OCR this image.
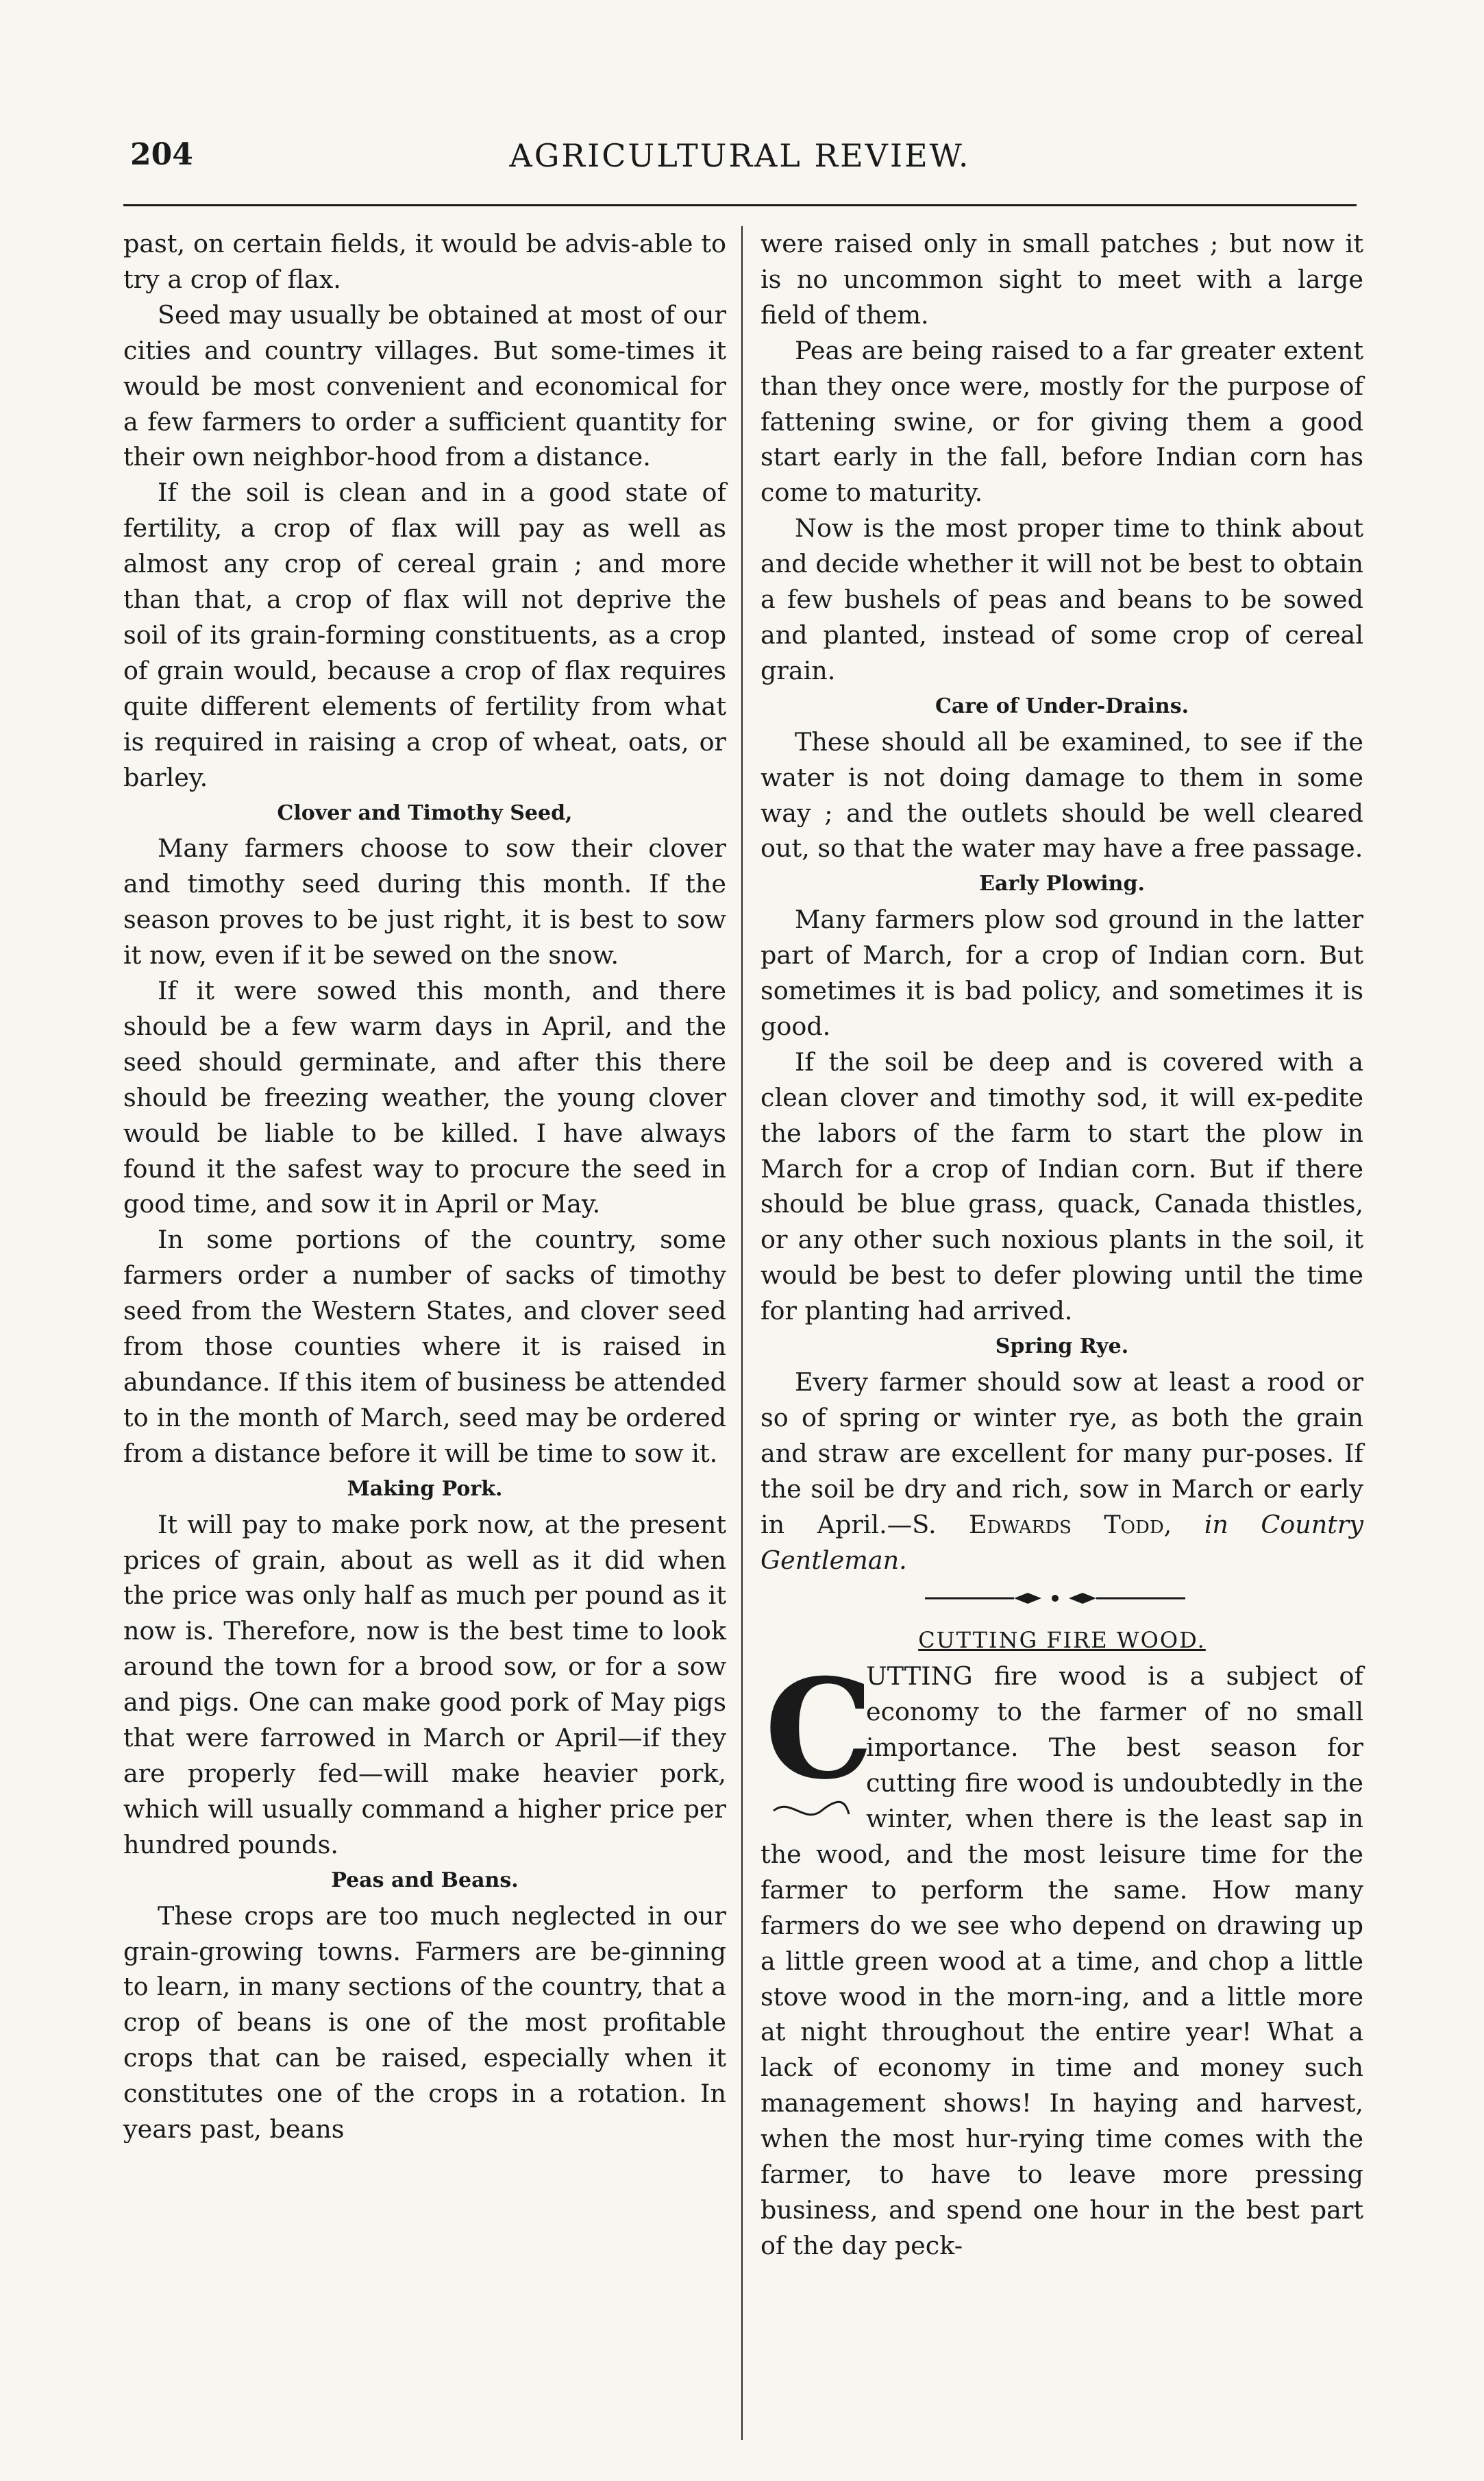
204	AGRICULTURAL REVIEW.

past, on certain fields, it would be advis-able to try a crop of flax.

Seed may usually be obtained at most of our cities and country villages. But some-times it would be most convenient and economical for a few farmers to order a sufficient quantity for their own neighbor-hood from a distance.

If the soil is clean and in a good state of fertility, a crop of flax will pay as well as almost any crop of cereal grain ; and more than that, a crop of flax will not deprive the soil of its grain-forming constituents, as a crop of grain would, because a crop of flax requires quite different elements of fertility from what is required in raising a crop of wheat, oats, or barley.

Clover and Timothy Seed,

Many farmers choose to sow their clover and timothy seed during this month. If the season proves to be just right, it is best to sow it now, even if it be sewed on the snow.

If it were sowed this month, and there should be a few warm days in April, and the seed should germinate, and after this there should be freezing weather, the young clover would be liable to be killed. I have always found it the safest way to procure the seed in good time, and sow it in April or May.

In some portions of the country, some farmers order a number of sacks of timothy seed from the Western States, and clover seed from those counties where it is raised in abundance. If this item of business be attended to in the month of March, seed may be ordered from a distance before it will be time to sow it.

Making Pork.

It will pay to make pork now, at the present prices of grain, about as well as it did when the price was only half as much per pound as it now is. Therefore, now is the best time to look around the town for a brood sow, or for a sow and pigs. One can make good pork of May pigs that were farrowed in March or April—if they are properly fed—will make heavier pork, which will usually command a higher price per hundred pounds.

Peas and Beans.

These crops are too much neglected in our grain-growing towns. Farmers are be-ginning to learn, in many sections of the country, that a crop of beans is one of the most profitable crops that can be raised, especially when it constitutes one of the crops in a rotation. In years past, beans

were raised only in small patches ; but now it is no uncommon sight to meet with a large field of them.

Peas are being raised to a far greater extent than they once were, mostly for the purpose of fattening swine, or for giving them a good start early in the fall, before Indian corn has come to maturity.

Now is the most proper time to think about and decide whether it will not be best to obtain a few bushels of peas and beans to be sowed and planted, instead of some crop of cereal grain.

Care of Under-Drains.

These should all be examined, to see if the water is not doing damage to them in some way ; and the outlets should be well cleared out, so that the water may have a free passage.

Early Plowing.

Many farmers plow sod ground in the latter part of March, for a crop of Indian corn. But sometimes it is bad policy, and sometimes it is good.

If the soil be deep and is covered with a clean clover and timothy sod, it will ex-pedite the labors of the farm to start the plow in March for a crop of Indian corn. But if there should be blue grass, quack, Canada thistles, or any other such noxious plants in the soil, it would be best to defer plowing until the time for planting had arrived.

Spring Rye.

Every farmer should sow at least a rood or so of spring or winter rye, as both the grain and straw are excellent for many pur-poses. If the soil be dry and rich, sow in March or early in April.—S. Edwards Todd, in Country Gentleman.

CUTTING FIRE WOOD.
C

UTTING fire wood is a subject of economy to the farmer of no small importance. The best season for cutting fire wood is undoubtedly in the winter, when there is the least sap in the wood, and the most leisure time for the farmer to perform the same. How many farmers do we see who depend on drawing up a little green wood at a time, and chop a little stove wood in the morn-ing, and a little more at night throughout the entire year! What a lack of economy in time and money such management shows! In haying and harvest, when the most hur-rying time comes with the farmer, to have to leave more pressing business, and spend one hour in the best part of the day peck-
